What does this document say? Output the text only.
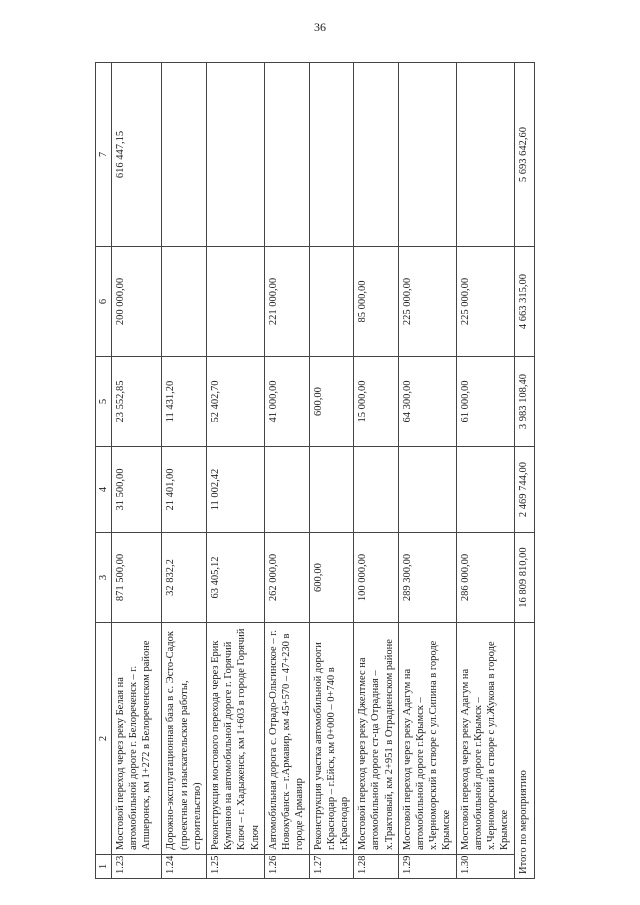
36
1	2	3	4	5	6	7
1.23	Мостовой переход через реку Белая на автомобильной дороге г. Белореченск – г. Апшеронск, км 1+272 в Белореченском районе	871 500,00	31 500,00	23 552,85	200 000,00	616 447,15
1.24	Дорожно-эксплуатационная база в с. Эсто-Садок (проектные и изыскательские работы, строительство)	32 832,2	21 401,00	11 431,20		
1.25	Реконструкция мостового перехода через Ерик Кумпанов на автомобильной дороге г. Горячий Ключ – г. Хадыженск, км 1+603 в городе Горячий Ключ	63 405,12	11 002,42	52 402,70		
1.26	Автомобильная дорога с. Отрадо-Ольгинское – г. Новокубанск – г.Армавир, км 45+570 – 47+230 в городе Армавир	262 000,00		41 000,00	221 000,00	
1.27	Реконструкция участка автомобильной дороги г.Краснодар – г.Ейск, км 0+000 – 0+740 в г.Краснодар	600,00		600,00		
1.28	Мостовой переход через реку Джелтмес на автомобильной дороге ст-ца Отрадная – х.Трактовый, км 2+951 в Отрадненском районе	100 000,00		15 000,00	85 000,00	
1.29	Мостовой переход через реку Адагум на автомобильной дороге г.Крымск – х.Черноморский в створе с ул.Сипина в городе Крымске	289 300,00		64 300,00	225 000,00	
1.30	Мостовой переход через реку Адагум на автомобильной дороге г.Крымск – х.Черноморский в створе с ул.Жукова в городе Крымске	286 000,00		61 000,00	225 000,00	
Итого по мероприятию		16 809 810,00	2 469 744,00	3 983 108,40	4 663 315,00	5 693 642,60
